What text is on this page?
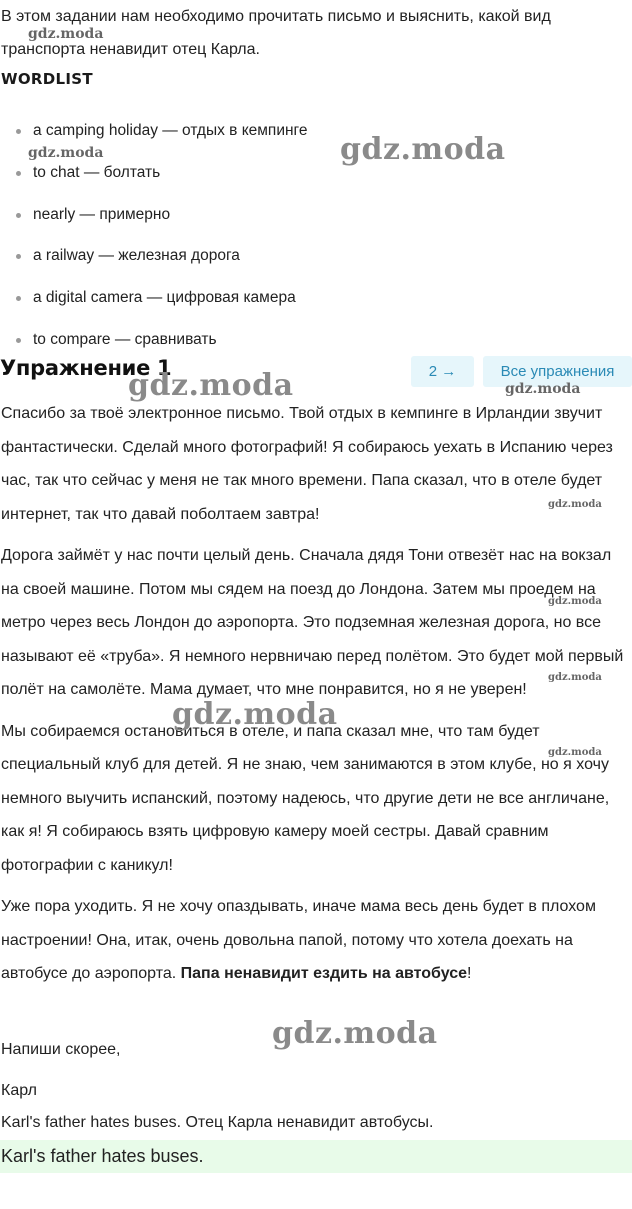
В этом задании нам необходимо прочитать письмо и выяснить, какой вид транспорта ненавидит отец Карла.

WORDLIST
a camping holiday — отдых в кемпинге
to chat — болтать
nearly — примерно
a railway — железная дорога
a digital camera — цифровая камера
to compare — сравнивать
Упражнение 1	2 →	Все упражнения

Спасибо за твоё электронное письмо. Твой отдых в кемпинге в Ирландии звучит фантастически. Сделай много фотографий! Я собираюсь уехать в Испанию через час, так что сейчас у меня не так много времени. Папа сказал, что в отеле будет интернет, так что давай поболтаем завтра!

Дорога займёт у нас почти целый день. Сначала дядя Тони отвезёт нас на вокзал на своей машине. Потом мы сядем на поезд до Лондона. Затем мы проедем на метро через весь Лондон до аэропорта. Это подземная железная дорога, но все называют её «труба». Я немного нервничаю перед полётом. Это будет мой первый полёт на самолёте. Мама думает, что мне понравится, но я не уверен!

Мы собираемся остановиться в отеле, и папа сказал мне, что там будет специальный клуб для детей. Я не знаю, чем занимаются в этом клубе, но я хочу немного выучить испанский, поэтому надеюсь, что другие дети не все англичане, как я! Я собираюсь взять цифровую камеру моей сестры. Давай сравним фотографии с каникул!

Уже пора уходить. Я не хочу опаздывать, иначе мама весь день будет в плохом настроении! Она, итак, очень довольна папой, потому что хотела доехать на автобусе до аэропорта. Папа ненавидит ездить на автобусе!

Напиши скорее,
Карл
Karl's father hates buses. Отец Карла ненавидит автобусы.
Karl's father hates buses.
gdz.moda
gdz.moda	gdz.moda
gdz.moda	gdz.moda
gdz.moda
gdz.moda
gdz.moda
gdz.moda
gdz.moda
gdz.moda
